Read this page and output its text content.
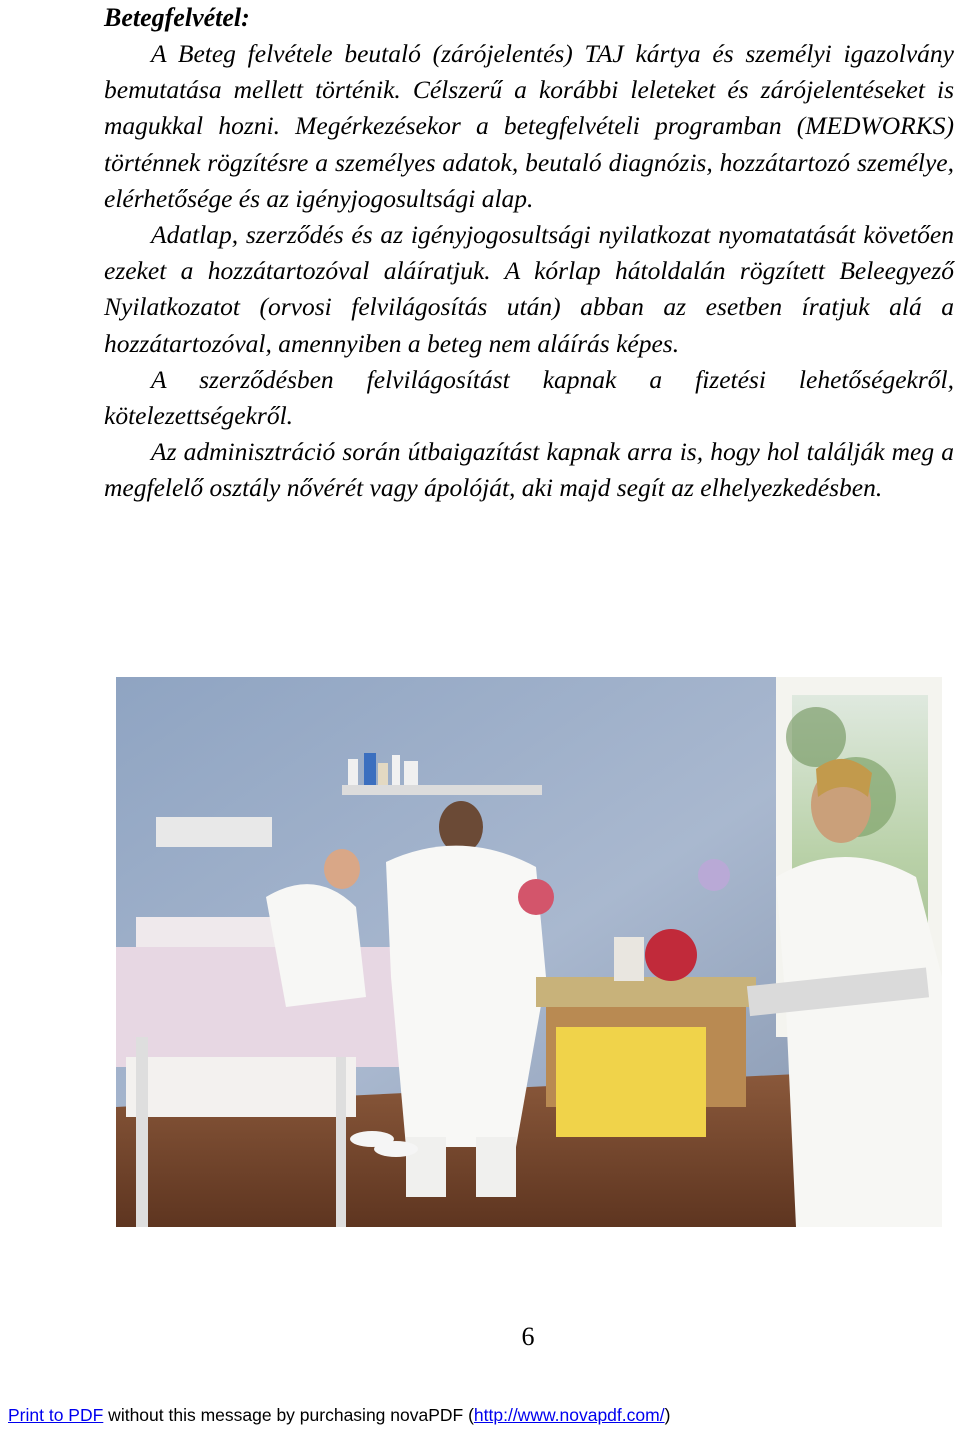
Betegfelvétel:

A Beteg felvétele beutaló (zárójelentés) TAJ kártya és személyi igazolvány bemutatása mellett történik. Célszerű a korábbi leleteket és zárójelentéseket is magukkal hozni. Megérkezésekor a betegfelvételi programban (MEDWORKS) történnek rögzítésre a személyes adatok, beutaló diagnózis, hozzátartozó személye, elérhetősége és az igényjogosultsági alap.

Adatlap, szerződés és az igényjogosultsági nyilatkozat nyomatatását követően ezeket a hozzátartozóval aláíratjuk. A kórlap hátoldalán rögzített Beleegyező Nyilatkozatot (orvosi felvilágosítás után) abban az esetben íratjuk alá a hozzátartozóval, amennyiben a beteg nem aláírás képes.

A szerződésben felvilágosítást kapnak a fizetési lehetőségekről, kötelezettségekről.

Az adminisztráció során útbaigazítást kapnak arra is, hogy hol találják meg a megfelelő osztály nővérét vagy ápolóját, aki majd segít az elhelyezkedésben.

6
Print to PDF without this message by purchasing novaPDF (http://www.novapdf.com/)
